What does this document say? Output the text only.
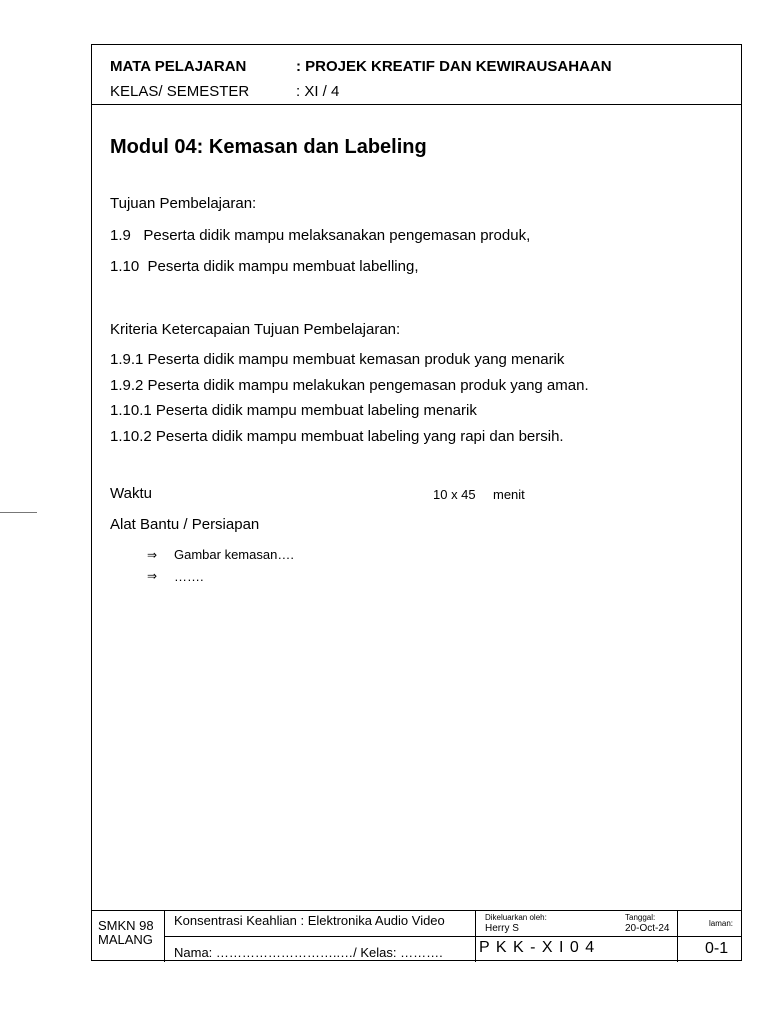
MATA PELAJARAN	: PROJEK KREATIF DAN KEWIRAUSAHAAN
KELAS/ SEMESTER	: XI / 4
Modul 04: Kemasan dan Labeling
Tujuan Pembelajaran:
1.9   Peserta didik mampu melaksanakan pengemasan produk,
1.10  Peserta didik mampu membuat labelling,
Kriteria Ketercapaian Tujuan Pembelajaran:
1.9.1 Peserta didik mampu membuat kemasan produk yang menarik
1.9.2 Peserta didik mampu melakukan pengemasan produk yang aman.
1.10.1 Peserta didik mampu membuat labeling menarik
1.10.2 Peserta didik mampu membuat labeling yang rapi dan bersih.
Waktu	10 x 45 menit
Alat Bantu / Persiapan
⇒ Gambar kemasan….
⇒ …….
SMKN 98
MALANG
Konsentrasi Keahlian : Elektronika Audio Video
Nama: ………………………..…/ Kelas: ……….
Dikeluarkan oleh:
Herry S
Tanggal:
20-Oct-24
P K K - X I 0 4
laman:
0-1
